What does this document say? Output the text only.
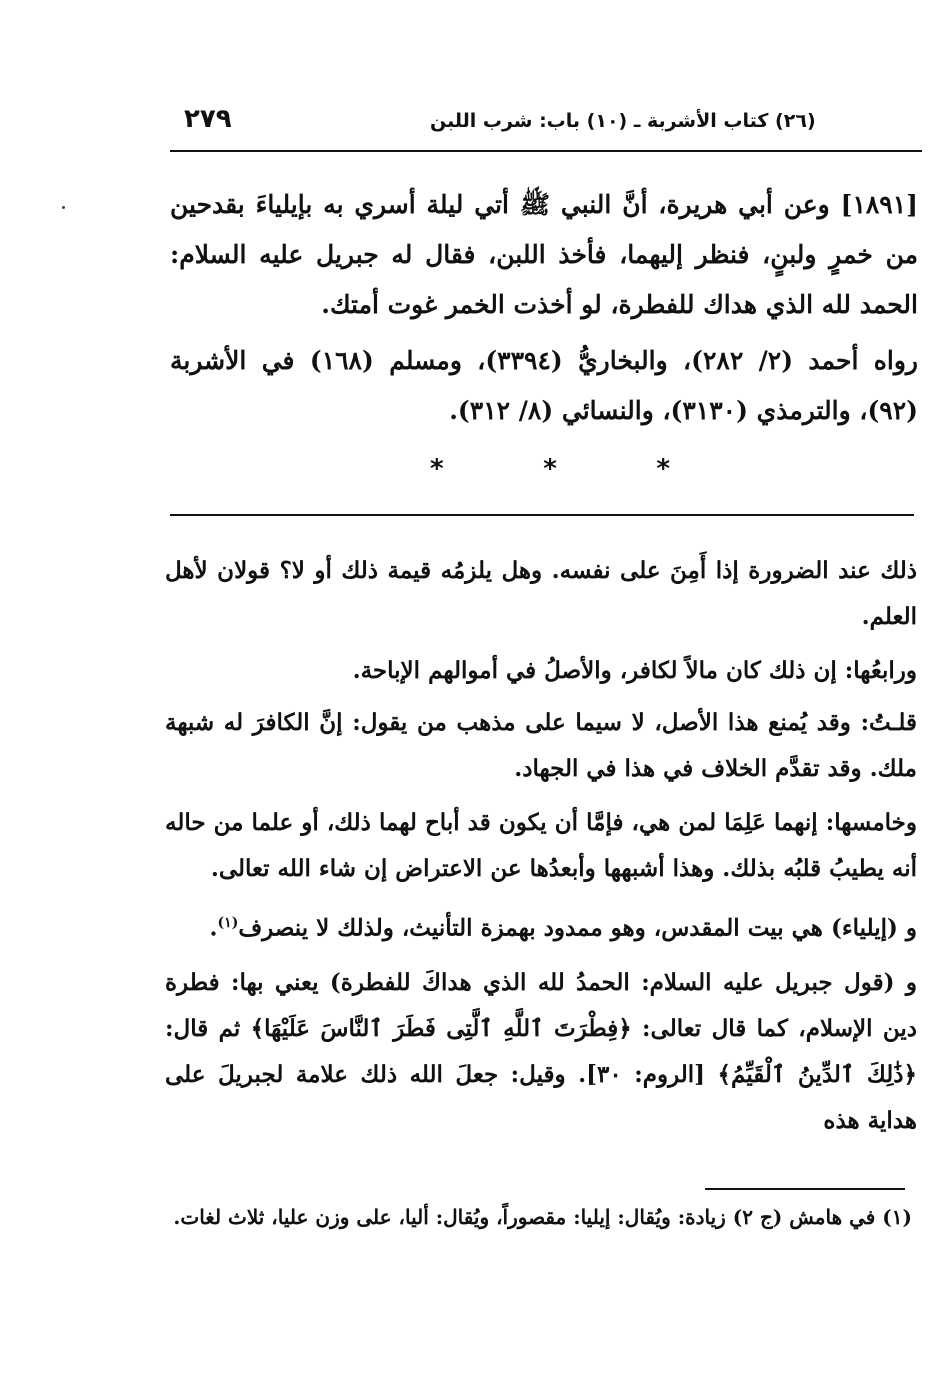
٢٧٩	(٢٦) كتاب الأشربة ـ (١٠) باب: شرب اللبن
[١٨٩١] وعن أبي هريرة، أنَّ النبي ﷺ أتي ليلة أسري به بإيلياءَ بقدحين من خمرٍ ولبنٍ، فنظر إليهما، فأخذ اللبن، فقال له جبريل عليه السلام: الحمد لله الذي هداك للفطرة، لو أخذت الخمر غوت أمتك.
رواه أحمد (٢/ ٢٨٢)، والبخاريُّ (٣٣٩٤)، ومسلم (١٦٨) في الأشربة (٩٢)، والترمذي (٣١٣٠)، والنسائي (٨/ ٣١٢).
*	*	*

ذلك عند الضرورة إذا أَمِنَ على نفسه. وهل يلزمُه قيمة ذلك أو لا؟ قولان لأهل العلم.

ورابعُها: إن ذلك كان مالاً لكافر، والأصلُ في أموالهم الإباحة.

قلـتُ: وقد يُمنع هذا الأصل، لا سيما على مذهب من يقول: إنَّ الكافرَ له شبهة ملك. وقد تقدَّم الخلاف في هذا في الجهاد.

وخامسها: إنهما عَلِمَا لمن هي، فإمَّا أن يكون قد أباح لهما ذلك، أو علما من حاله أنه يطيبُ قلبُه بذلك. وهذا أشبهها وأبعدُها عن الاعتراض إن شاء الله تعالى.

و (إيلياء) هي بيت المقدس، وهو ممدود بهمزة التأنيث، ولذلك لا ينصرف$^{(١)}$.

و (قول جبريل عليه السلام: الحمدُ لله الذي هداكَ للفطرة) يعني بها: فطرة دين الإسلام، كما قال تعالى: ﴿فِطْرَتَ ٱللَّهِ ٱلَّتِى فَطَرَ ٱلنَّاسَ عَلَيْهَا﴾ ثم قال: ﴿ذَٰلِكَ ٱلدِّينُ ٱلْقَيِّمُ﴾ [الروم: ٣٠]. وقيل: جعلَ الله ذلك علامة لجبريلَ على هداية هذه

(١) في هامش (ج ٢) زيادة: ويُقال: إيليا: مقصوراً، ويُقال: أليا، على وزن عليا، ثلاث لغات.
